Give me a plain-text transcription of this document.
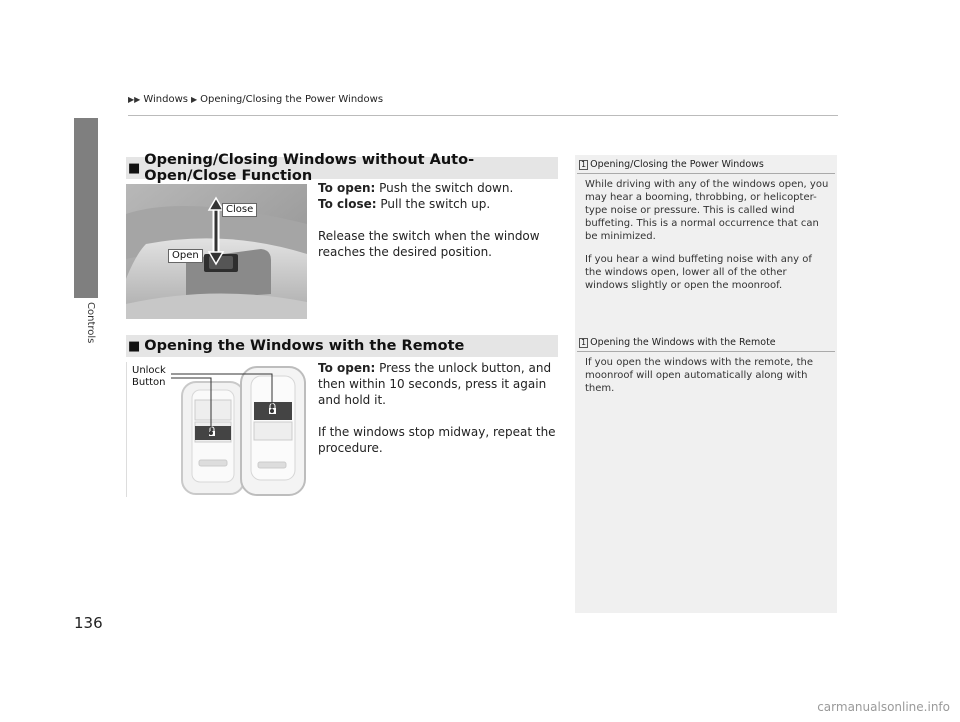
▶▶ Windows ▶ Opening/Closing the Power Windows
Controls
■ Opening/Closing Windows without Auto-Open/Close Function
Close
Open
To open: Push the switch down.
To close: Pull the switch up.
Release the switch when the window reaches the desired position.
■ Opening the Windows with the Remote
Unlock
Button
To open: Press the unlock button, and then within 10 seconds, press it again and hold it.
If the windows stop midway, repeat the procedure.
1 Opening/Closing the Power Windows

While driving with any of the windows open, you may hear a booming, throbbing, or helicopter-type noise or pressure. This is called wind buffeting. This is a normal occurrence that can be minimized.

If you hear a wind buffeting noise with any of the windows open, lower all of the other windows slightly or open the moonroof.

1 Opening the Windows with the Remote

If you open the windows with the remote, the moonroof will open automatically along with them.

136
carmanualsonline.info
